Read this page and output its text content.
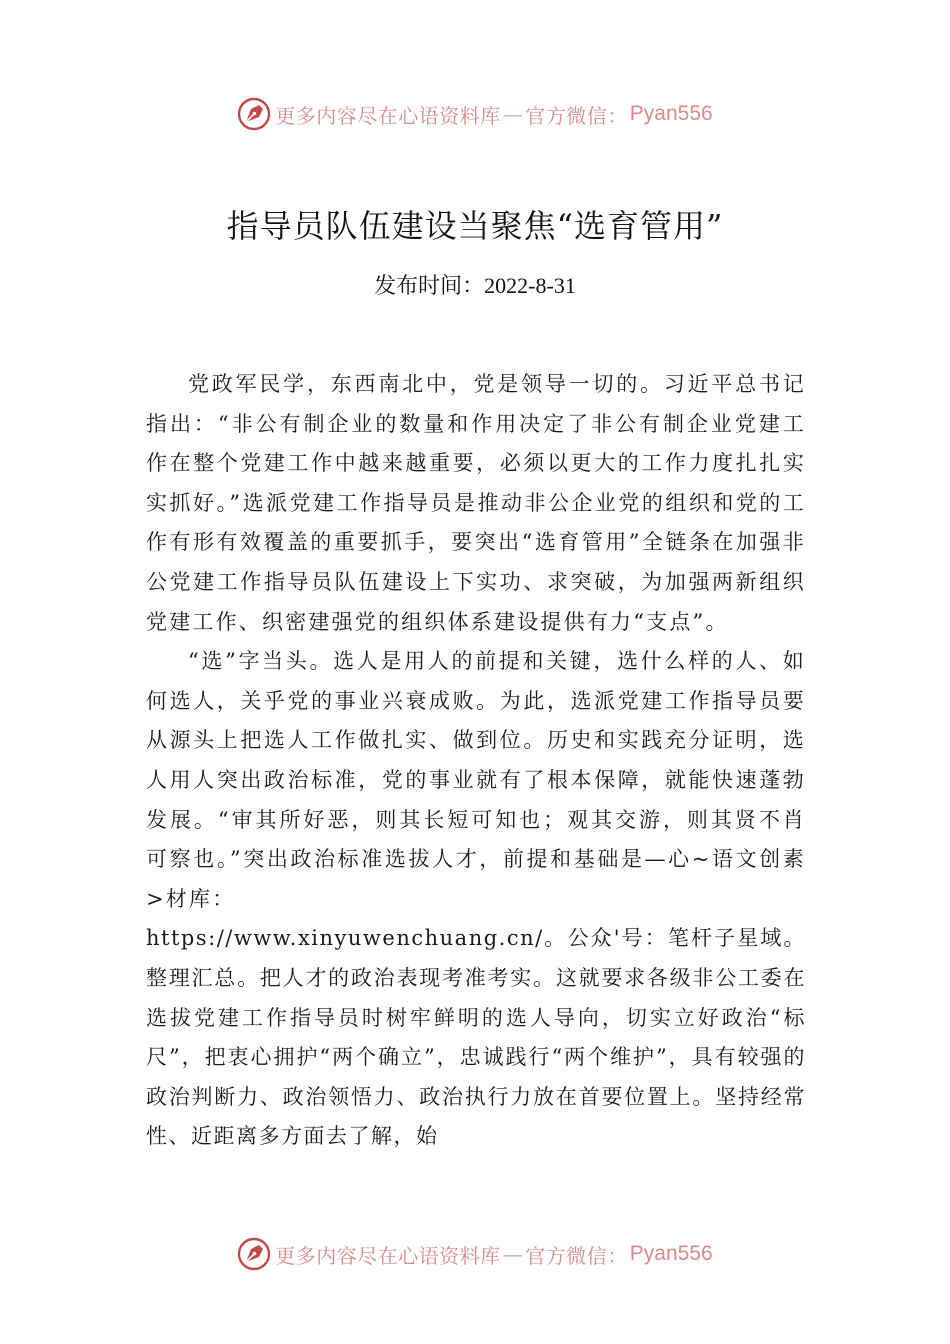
更多内容尽在心语资料库 — 官方微信： Pyan556
指导员队伍建设当聚焦“选育管用”
发布时间：2022-8-31

党政军民学，东西南北中，党是领导一切的。习近平总书记指出：“非公有制企业的数量和作用决定了非公有制企业党建工作在整个党建工作中越来越重要，必须以更大的工作力度扎扎实实抓好。”选派党建工作指导员是推动非公企业党的组织和党的工作有形有效覆盖的重要抓手，要突出“选育管用”全链条在加强非公党建工作指导员队伍建设上下实功、求突破，为加强两新组织党建工作、织密建强党的组织体系建设提供有力“支点”。

“选”字当头。选人是用人的前提和关键，选什么样的人、如何选人，关乎党的事业兴衰成败。为此，选派党建工作指导员要从源头上把选人工作做扎实、做到位。历史和实践充分证明，选人用人突出政治标准，党的事业就有了根本保障，就能快速蓬勃发展。“审其所好恶，则其长短可知也；观其交游，则其贤不肖可察也。”突出政治标准选拔人才，前提和基础是—心~语文创素>材库：

https://www.xinyuwenchuang.cn/。公众'号：笔杆子星域。整理汇总。把人才的政治表现考准考实。这就要求各级非公工委在选拔党建工作指导员时树牢鲜明的选人导向，切实立好政治“标尺”，把衷心拥护“两个确立”，忠诚践行“两个维护”，具有较强的政治判断力、政治领悟力、政治执行力放在首要位置上。坚持经常性、近距离多方面去了解，始

更多内容尽在心语资料库 — 官方微信： Pyan556
